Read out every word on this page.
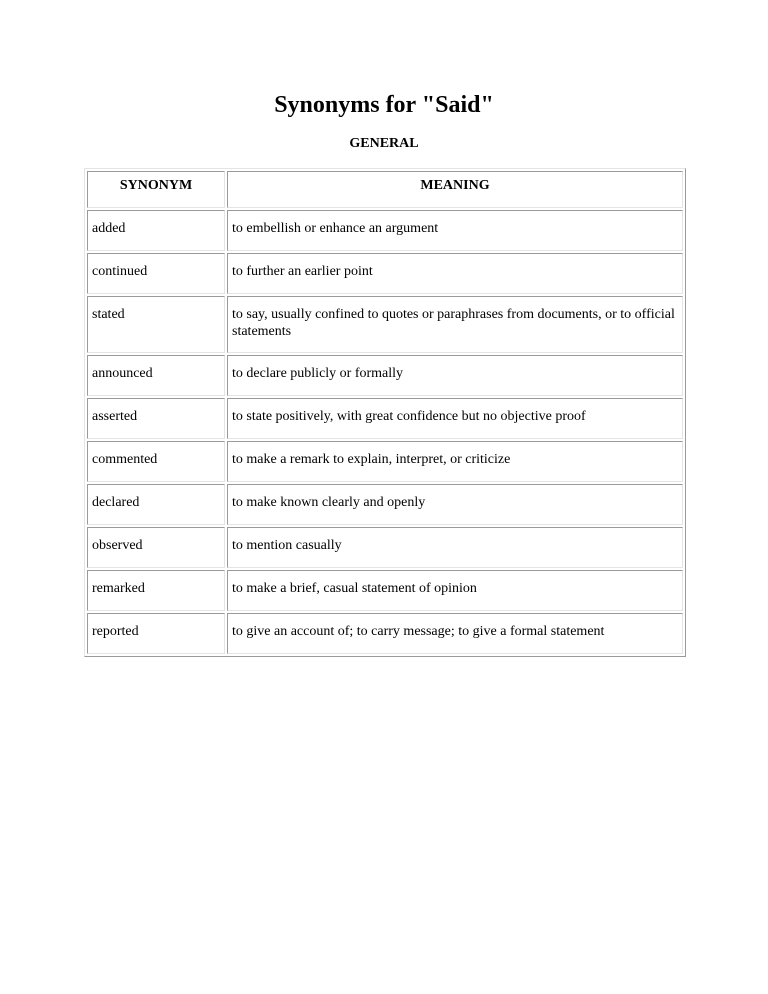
Synonyms for "Said"
GENERAL
SYNONYM	MEANING
added	to embellish or enhance an argument
continued	to further an earlier point
stated	to say, usually confined to quotes or paraphrases from documents, or to official statements
announced	to declare publicly or formally
asserted	to state positively, with great confidence but no objective proof
commented	to make a remark to explain, interpret, or criticize
declared	to make known clearly and openly
observed	to mention casually
remarked	to make a brief, casual statement of opinion
reported	to give an account of; to carry message; to give a formal statement
